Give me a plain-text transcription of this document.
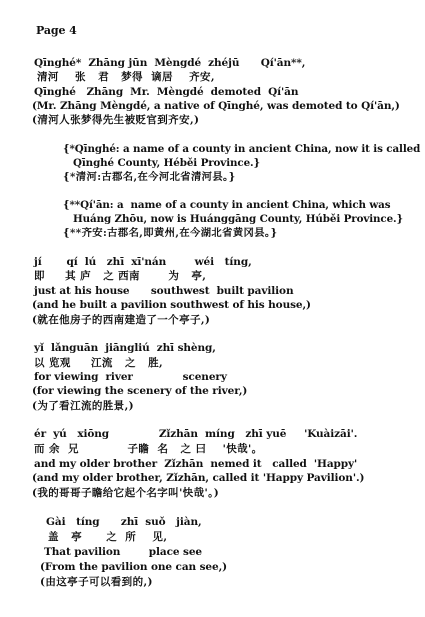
Page 4
Qīnghé*  Zhāng jūn  Mèngdé  zhéjū      Qí'ān**,
清河    张   君   梦得  谪居    齐安,
Qīnghé   Zhāng  Mr.  Mèngdé  demoted  Qí'ān
(Mr. Zhāng Mèngdé, a native of Qīnghé, was demoted to Qí'ān,)
(清河人张梦得先生被贬官到齐安,)
{*Qīnghé: a name of a county in ancient China, now it is called
Qīnghé County, Héběi Province.}
{*清河:古郡名,在今河北省清河县。}
{**Qí'ān: a  name of a county in ancient China, which was
Huáng Zhōu, now is Huánggāng County, Húběi Province.}
{**齐安:古郡名,即黄州,在今湖北省黄冈县。}
jí       qí  lú   zhī  xī'nán        wéi   tíng,
即     其 庐   之 西南       为   亭,
just at his house      southwest  built pavilion
(and he built a pavilion southwest of his house,)
(就在他房子的西南建造了一个亭子,)
yǐ  lǎnguān  jiāngliú  zhī shèng,
以 览观     江流   之   胜,
for viewing  river              scenery
(for viewing the scenery of the river,)
(为了看江流的胜景,)
ér  yú   xiōng              Zǐzhān  míng   zhī yuē     'Kuàizāi'.
而 余  兄            子瞻  名   之 曰    '快哉'。
and my older brother  Zǐzhān  nemed it   called  'Happy'
(and my older brother, Zǐzhān, called it 'Happy Pavilion'.)
(我的哥哥子瞻给它起个名字叫'快哉'。)
Gài   tíng      zhī  suǒ   jiàn,
盖   亭      之  所    见,
That pavilion        place see
(From the pavilion one can see,)
(由这亭子可以看到的,)
